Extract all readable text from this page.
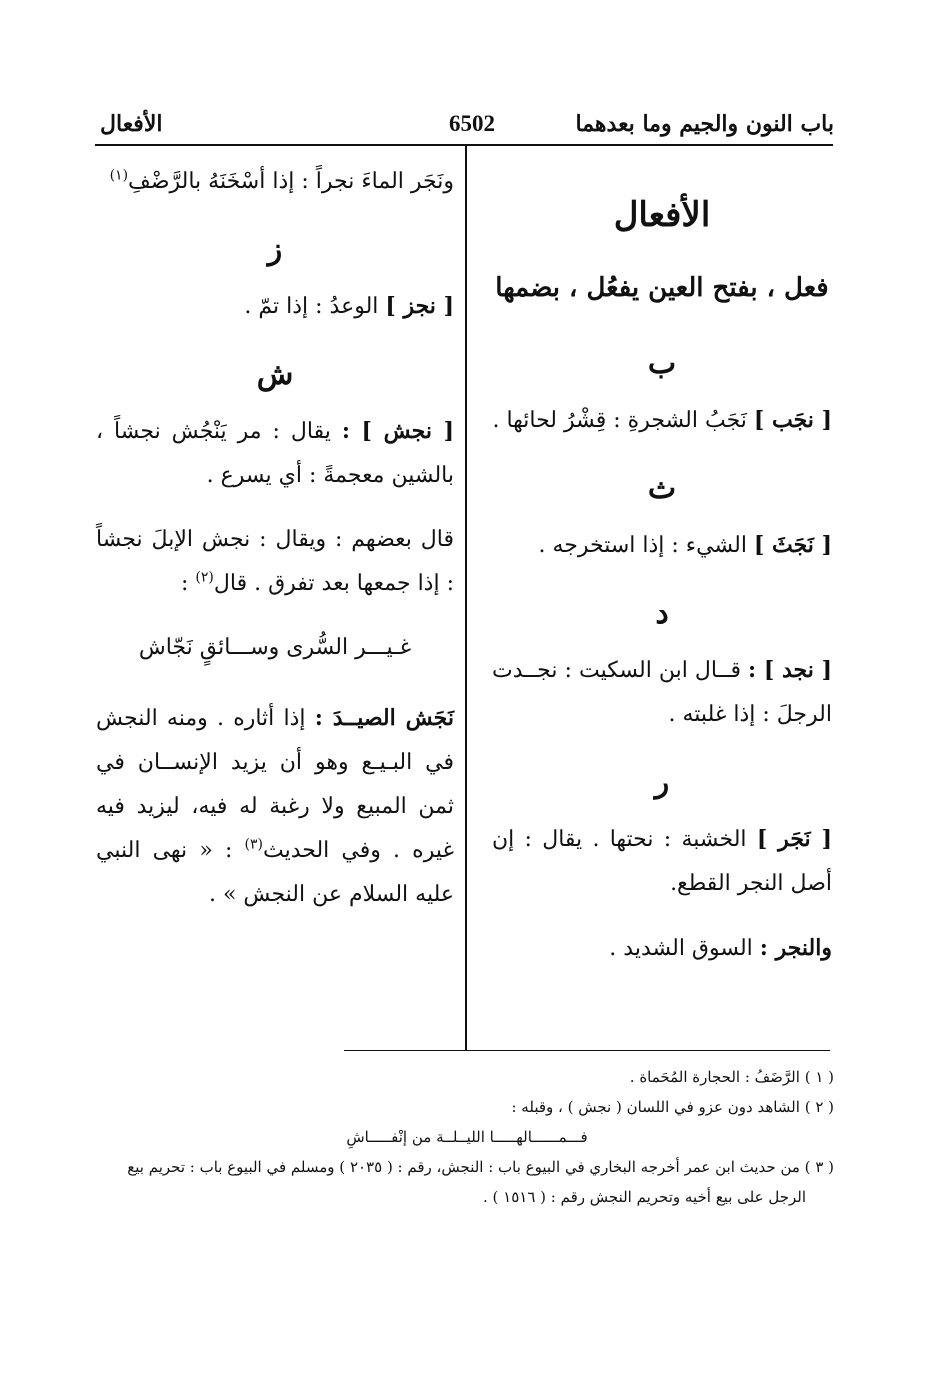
باب النون والجيم وما بعدهما
6502
الأفعال
الأفعال
فعل ، بفتح العين يفعُل ، بضمها
ب

[ نجَب ] نَجَبُ الشجرةِ : قِشْرُ لحائها .

ث

[ نَجَثَ ] الشيء : إذا استخرجه .

د

[ نجد ] : قــال ابن السكيت : نجــدت الرجلَ : إذا غلبته .

ر

[ نَجَر ] الخشبة : نحتها . يقال : إن أصل النجر القطع.

والنجر : السوق الشديد .

ونَجَر الماءَ نجراً : إذا أسْخَنَهُ بالرَّضْفِ$^{(١)}$

ز

[ نجز ] الوعدُ : إذا تمّ .

ش

[ نجش ] : يقال : مر يَنْجُش نجشاً ، بالشين معجمةً : أي يسرع .

قال بعضهم : ويقال : نجش الإبلَ نجشاً : إذا جمعها بعد تفرق . قال$^{(٢)}$ :

غـيـــر السُّرى وســـائقٍ نَجّاش

نَجَش الصيــدَ : إذا أثاره . ومنه النجش في البـيـع وهو أن يزيد الإنســان في ثمن المبيع ولا رغبة له فيه، ليزيد فيه غيره . وفي الحديث$^{(٣)}$ : « نهى النبي عليه السلام عن النجش » .

( ١ ) الرَّضَفُ : الحجارة المُحَماة .

( ٢ ) الشاهد دون عزو في اللسان ( نجش ) ، وقبله :

فـــمــــــالهـــــا الليــلــة من إنْفـــــاشِ

( ٣ ) من حديث ابن عمر أخرجه البخاري في البيوع باب : النجش، رقم : ( ٢٠٣٥ ) ومسلم في البيوع باب : تحريم بيع

الرجل على بيع أخيه وتحريم النجش رقم : ( ١٥١٦ ) .
